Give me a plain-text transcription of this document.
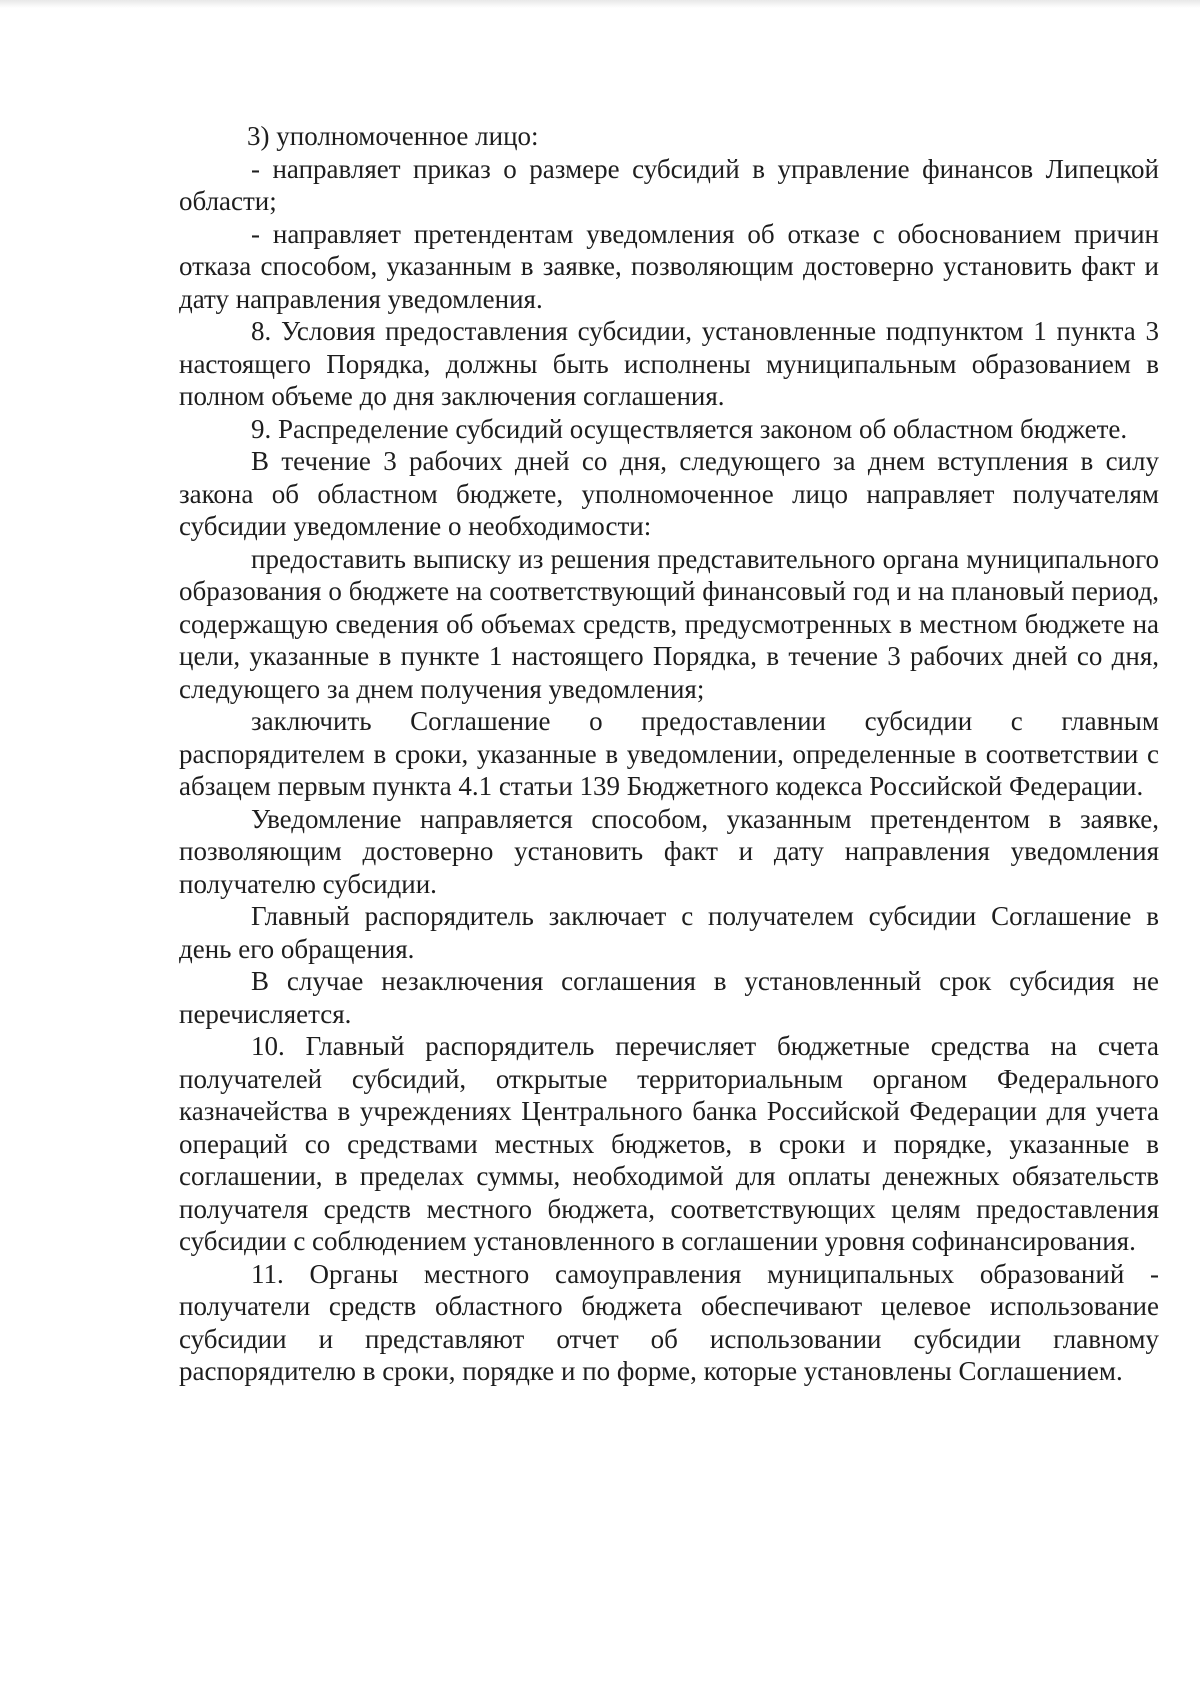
3) уполномоченное лицо:

- направляет приказ о размере субсидий в управление финансов Липецкой области;

- направляет претендентам уведомления об отказе с обоснованием причин отказа способом, указанным в заявке, позволяющим достоверно установить факт и дату направления уведомления.

8. Условия предоставления субсидии, установленные подпунктом 1 пункта 3 настоящего Порядка, должны быть исполнены муниципальным образованием в полном объеме до дня заключения соглашения.

9. Распределение субсидий осуществляется законом об областном бюджете.

В течение 3 рабочих дней со дня, следующего за днем вступления в силу закона об областном бюджете, уполномоченное лицо направляет получателям субсидии уведомление о необходимости:

предоставить выписку из решения представительного органа муниципального образования о бюджете на соответствующий финансовый год и на плановый период, содержащую сведения об объемах средств, предусмотренных в местном бюджете на цели, указанные в пункте 1 настоящего Порядка, в течение 3 рабочих дней со дня, следующего за днем получения уведомления;

заключить Соглашение о предоставлении субсидии с главным распорядителем в сроки, указанные в уведомлении, определенные в соответствии с абзацем первым пункта 4.1 статьи 139 Бюджетного кодекса Российской Федерации.

Уведомление направляется способом, указанным претендентом в заявке, позволяющим достоверно установить факт и дату направления уведомления получателю субсидии.

Главный распорядитель заключает с получателем субсидии Соглашение в день его обращения.

В случае незаключения соглашения в установленный срок субсидия не перечисляется.

10. Главный распорядитель перечисляет бюджетные средства на счета получателей субсидий, открытые территориальным органом Федерального казначейства в учреждениях Центрального банка Российской Федерации для учета операций со средствами местных бюджетов, в сроки и порядке, указанные в соглашении, в пределах суммы, необходимой для оплаты денежных обязательств получателя средств местного бюджета, соответствующих целям предоставления субсидии с соблюдением установленного в соглашении уровня софинансирования.

11. Органы местного самоуправления муниципальных образований - получатели средств областного бюджета обеспечивают целевое использование субсидии и представляют отчет об использовании субсидии главному распорядителю в сроки, порядке и по форме, которые установлены Соглашением.
